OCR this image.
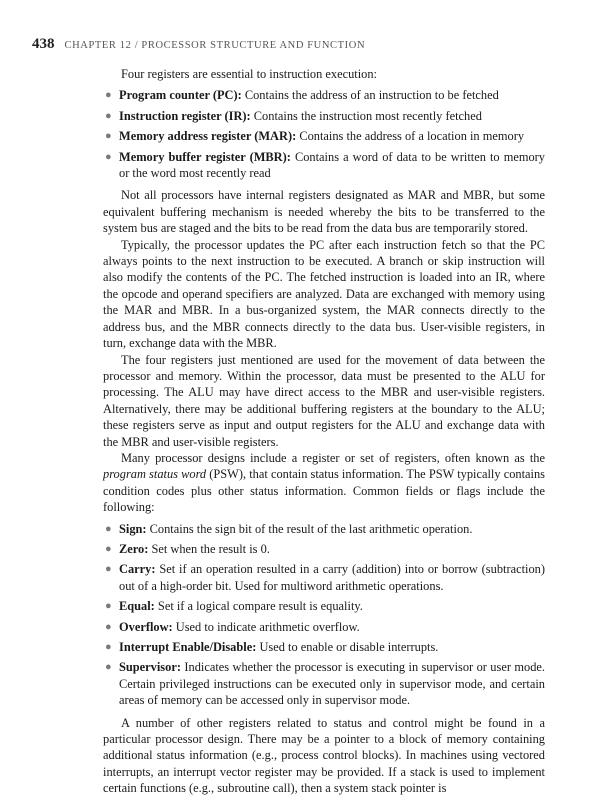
438 CHAPTER 12 / PROCESSOR STRUCTURE AND FUNCTION

Four registers are essential to instruction execution:

● Program counter (PC): Contains the address of an instruction to be fetched
● Instruction register (IR): Contains the instruction most recently fetched
● Memory address register (MAR): Contains the address of a location in memory
● Memory buffer register (MBR): Contains a word of data to be written to memory or the word most recently read

Not all processors have internal registers designated as MAR and MBR, but some equivalent buffering mechanism is needed whereby the bits to be transferred to the system bus are staged and the bits to be read from the data bus are temporarily stored.

Typically, the processor updates the PC after each instruction fetch so that the PC always points to the next instruction to be executed. A branch or skip instruction will also modify the contents of the PC. The fetched instruction is loaded into an IR, where the opcode and operand specifiers are analyzed. Data are exchanged with memory using the MAR and MBR. In a bus-organized system, the MAR connects directly to the address bus, and the MBR connects directly to the data bus. User-visible registers, in turn, exchange data with the MBR.

The four registers just mentioned are used for the movement of data between the processor and memory. Within the processor, data must be presented to the ALU for processing. The ALU may have direct access to the MBR and user-visible registers. Alternatively, there may be additional buffering registers at the boundary to the ALU; these registers serve as input and output registers for the ALU and exchange data with the MBR and user-visible registers.

Many processor designs include a register or set of registers, often known as the program status word (PSW), that contain status information. The PSW typically contains condition codes plus other status information. Common fields or flags include the following:

● Sign: Contains the sign bit of the result of the last arithmetic operation.
● Zero: Set when the result is 0.
● Carry: Set if an operation resulted in a carry (addition) into or borrow (subtraction) out of a high-order bit. Used for multiword arithmetic operations.
● Equal: Set if a logical compare result is equality.
● Overflow: Used to indicate arithmetic overflow.
● Interrupt Enable/Disable: Used to enable or disable interrupts.
● Supervisor: Indicates whether the processor is executing in supervisor or user mode. Certain privileged instructions can be executed only in supervisor mode, and certain areas of memory can be accessed only in supervisor mode.

A number of other registers related to status and control might be found in a particular processor design. There may be a pointer to a block of memory containing additional status information (e.g., process control blocks). In machines using vectored interrupts, an interrupt vector register may be provided. If a stack is used to implement certain functions (e.g., subroutine call), then a system stack pointer is
